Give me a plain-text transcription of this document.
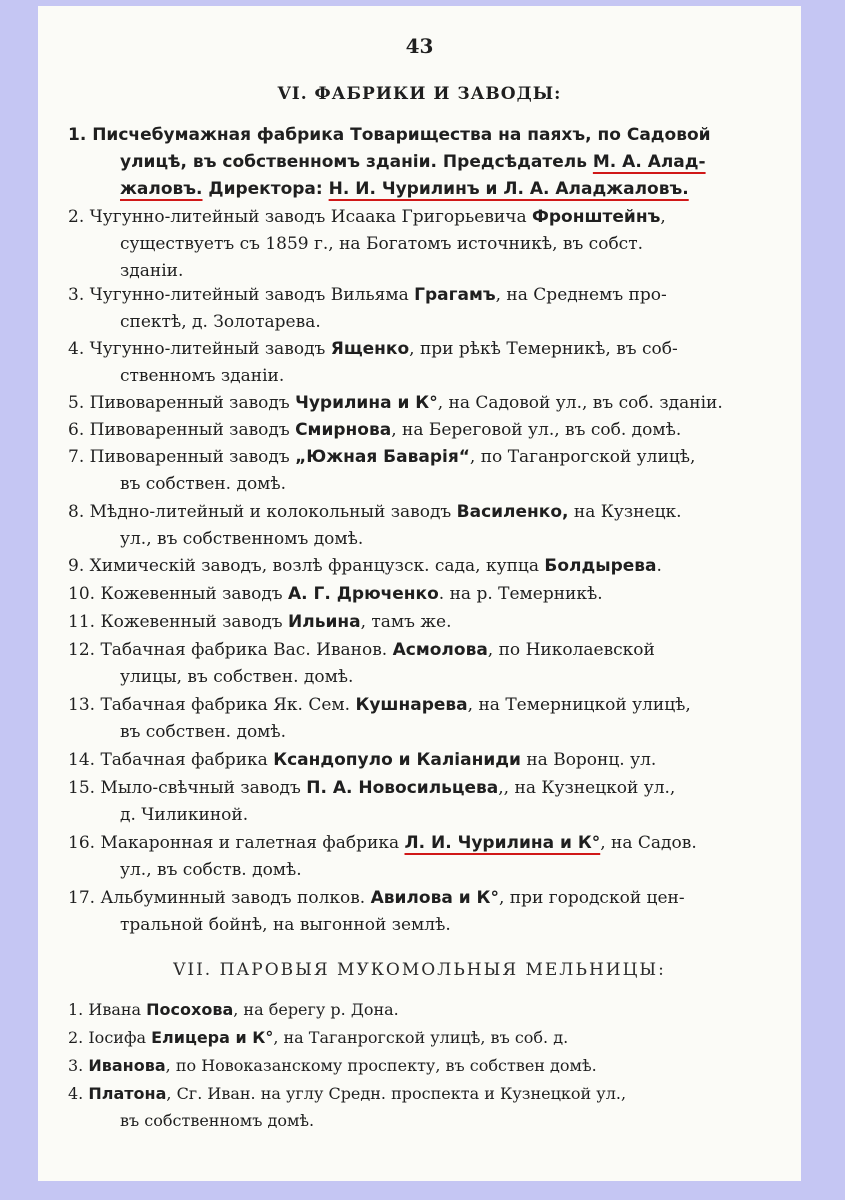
43
VI. ФАБРИКИ И ЗАВОДЫ:
1. Писчебумажная фабрика Товарищества на паяхъ, по Садовой
улицѣ, въ собственномъ зданіи. Предсѣдатель М. А. Алад-
жаловъ. Директора: Н. И. Чурилинъ и Л. А. Аладжаловъ.
2. Чугунно-литейный заводъ Исаака Григорьевича Фронштейнъ,
существуетъ съ 1859 г., на Богатомъ источникѣ, въ собст.
зданіи.
3. Чугунно-литейный заводъ Вильяма Грагамъ, на Среднемъ про-
спектѣ, д. Золотарева.
4. Чугунно-литейный заводъ Ященко, при рѣкѣ Темерникѣ, въ соб-
ственномъ зданіи.
5. Пивоваренный заводъ Чурилина и К°, на Садовой ул., въ соб. зданіи.
6. Пивоваренный заводъ Смирнова, на Береговой ул., въ соб. домѣ.
7. Пивоваренный заводъ „Южная Баварія“, по Таганрогской улицѣ,
въ собствен. домѣ.
8. Мѣдно-литейный и колокольный заводъ Василенко, на Кузнецк.
ул., въ собственномъ домѣ.
9. Химическій заводъ, возлѣ французск. сада, купца Болдырева.
10. Кожевенный заводъ А. Г. Дрюченко. на р. Темерникѣ.
11. Кожевенный заводъ Ильина, тамъ же.
12. Табачная фабрика Вас. Иванов. Асмолова, по Николаевской
улицы, въ собствен. домѣ.
13. Табачная фабрика Як. Сем. Кушнарева, на Темерницкой улицѣ,
въ собствен. домѣ.
14. Табачная фабрика Ксандопуло и Каліаниди на Воронц. ул.
15. Мыло-свѣчный заводъ П. А. Новосильцева,, на Кузнецкой ул.,
д. Чиликиной.
16. Макаронная и галетная фабрика Л. И. Чурилина и К°, на Садов.
ул., въ собств. домѣ.
17. Альбуминный заводъ полков. Авилова и К°, при городской цен-
тральной бойнѣ, на выгонной землѣ.
VII. ПАРОВЫЯ МУКОМОЛЬНЫЯ МЕЛЬНИЦЫ:
1. Ивана Посохова, на берегу р. Дона.
2. Іосифа Елицера и К°, на Таганрогской улицѣ, въ соб. д.
3. Иванова, по Новоказанскому проспекту, въ собствен домѣ.
4. Платона, Сг. Иван. на углу Средн. проспекта и Кузнецкой ул.,
въ собственномъ домѣ.
